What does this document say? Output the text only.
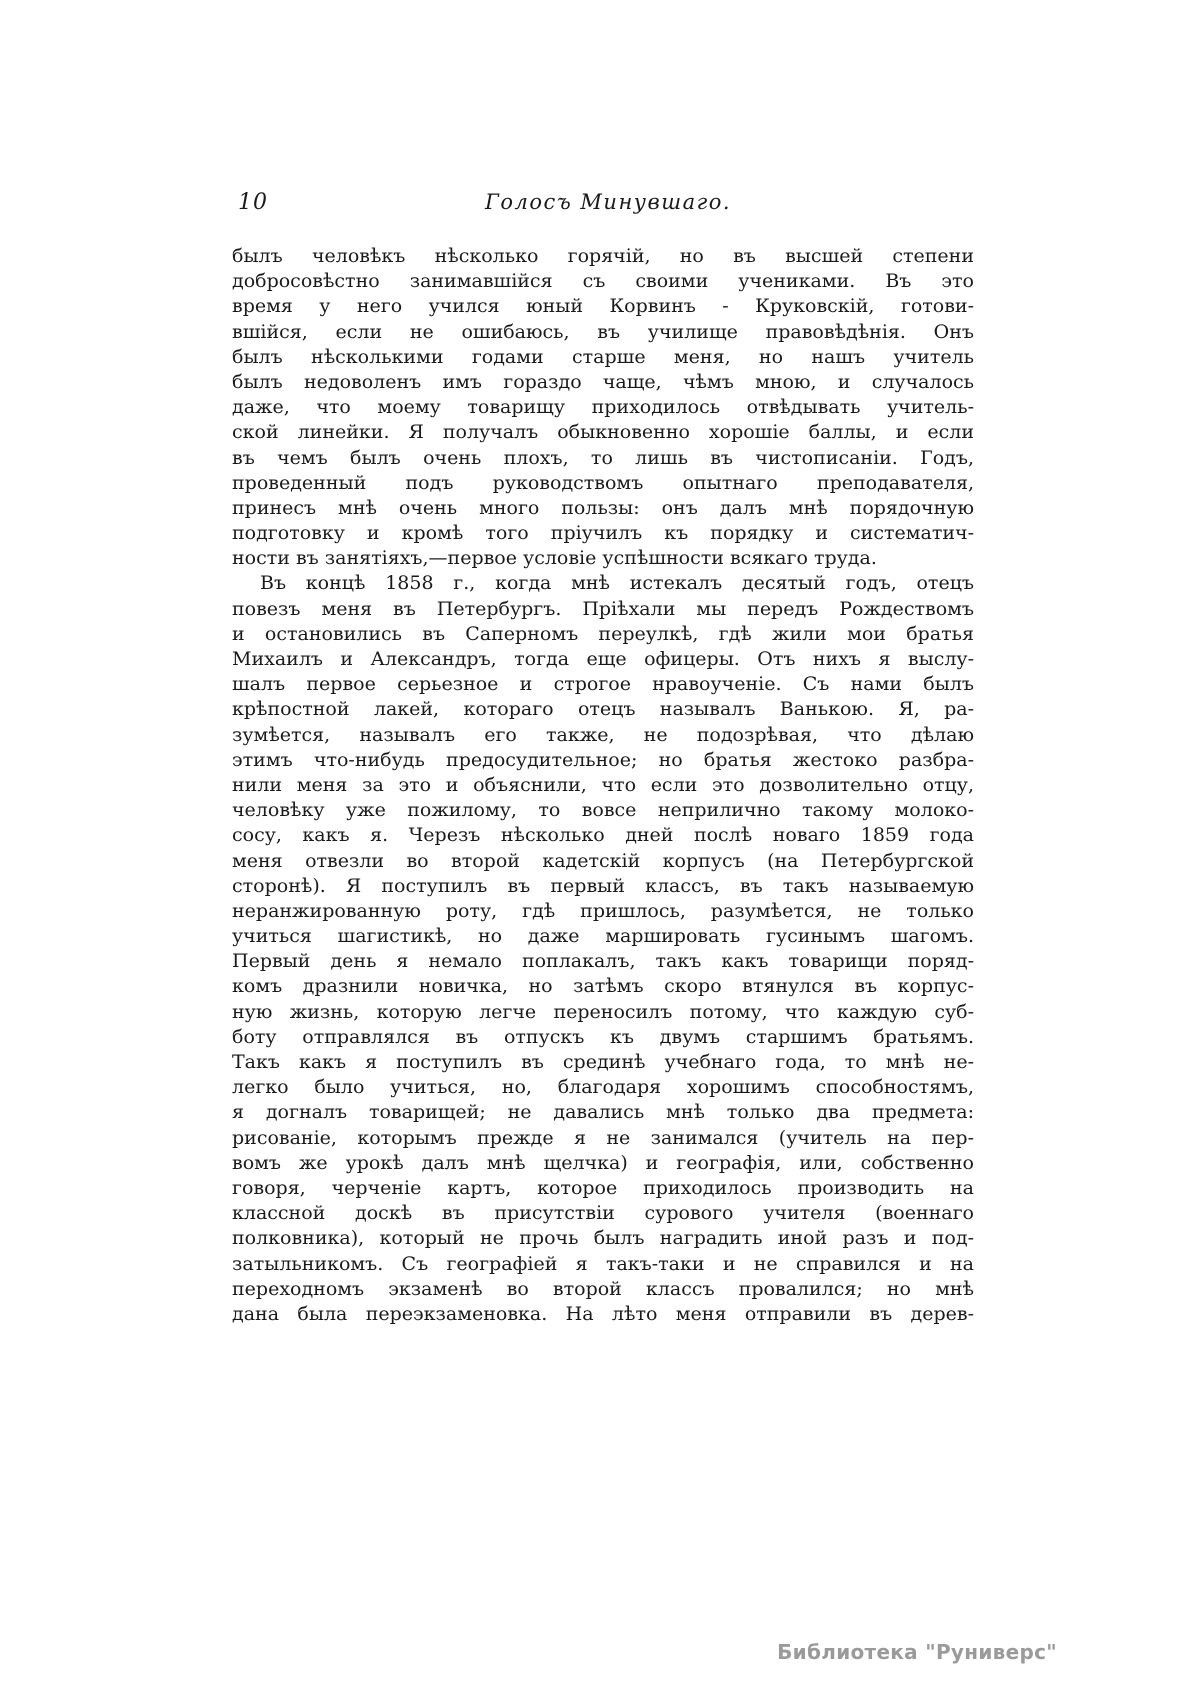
10	Голосъ Минувшаго.
былъ человѣкъ нѣсколько горячій, но въ высшей степени
добросовѣстно занимавшійся съ своими учениками. Въ это
время у него учился юный Корвинъ - Круковскій, готови-
вшійся, если не ошибаюсь, въ училище правовѣдѣнія. Онъ
былъ нѣсколькими годами старше меня, но нашъ учитель
былъ недоволенъ имъ гораздо чаще, чѣмъ мною, и случалось
даже, что моему товарищу приходилось отвѣдывать учитель-
ской линейки. Я получалъ обыкновенно хорошіе баллы, и если
въ чемъ былъ очень плохъ, то лишь въ чистописаніи. Годъ,
проведенный подъ руководствомъ опытнаго преподавателя,
принесъ мнѣ очень много пользы: онъ далъ мнѣ порядочную
подготовку и кромѣ того пріучилъ къ порядку и систематич-
ности въ занятіяхъ,—первое условіе успѣшности всякаго труда.
Въ концѣ 1858 г., когда мнѣ истекалъ десятый годъ, отецъ
повезъ меня въ Петербургъ. Пріѣхали мы передъ Рождествомъ
и остановились въ Саперномъ переулкѣ, гдѣ жили мои братья
Михаилъ и Александръ, тогда еще офицеры. Отъ нихъ я выслу-
шалъ первое серьезное и строгое нравоученіе. Съ нами былъ
крѣпостной лакей, котораго отецъ называлъ Ванькою. Я, ра-
зумѣется, называлъ его также, не подозрѣвая, что дѣлаю
этимъ что-нибудь предосудительное; но братья жестоко разбра-
нили меня за это и объяснили, что если это дозволительно отцу,
человѣку уже пожилому, то вовсе неприлично такому молоко-
сосу, какъ я. Черезъ нѣсколько дней послѣ новаго 1859 года
меня отвезли во второй кадетскій корпусъ (на Петербургской
сторонѣ). Я поступилъ въ первый классъ, въ такъ называемую
неранжированную роту, гдѣ пришлось, разумѣется, не только
учиться шагистикѣ, но даже маршировать гусинымъ шагомъ.
Первый день я немало поплакалъ, такъ какъ товарищи поряд-
комъ дразнили новичка, но затѣмъ скоро втянулся въ корпус-
ную жизнь, которую легче переносилъ потому, что каждую суб-
боту отправлялся въ отпускъ къ двумъ старшимъ братьямъ.
Такъ какъ я поступилъ въ срединѣ учебнаго года, то мнѣ не-
легко было учиться, но, благодаря хорошимъ способностямъ,
я догналъ товарищей; не давались мнѣ только два предмета:
рисованіе, которымъ прежде я не занимался (учитель на пер-
вомъ же урокѣ далъ мнѣ щелчка) и географія, или, собственно
говоря, черченіе картъ, которое приходилось производить на
классной доскѣ въ присутствіи сурового учителя (военнаго
полковника), который не прочь былъ наградить иной разъ и под-
затыльникомъ. Съ географіей я такъ-таки и не справился и на
переходномъ экзаменѣ во второй классъ провалился; но мнѣ
дана была переэкзаменовка. На лѣто меня отправили въ дерев-
Библиотека "Руниверс"
